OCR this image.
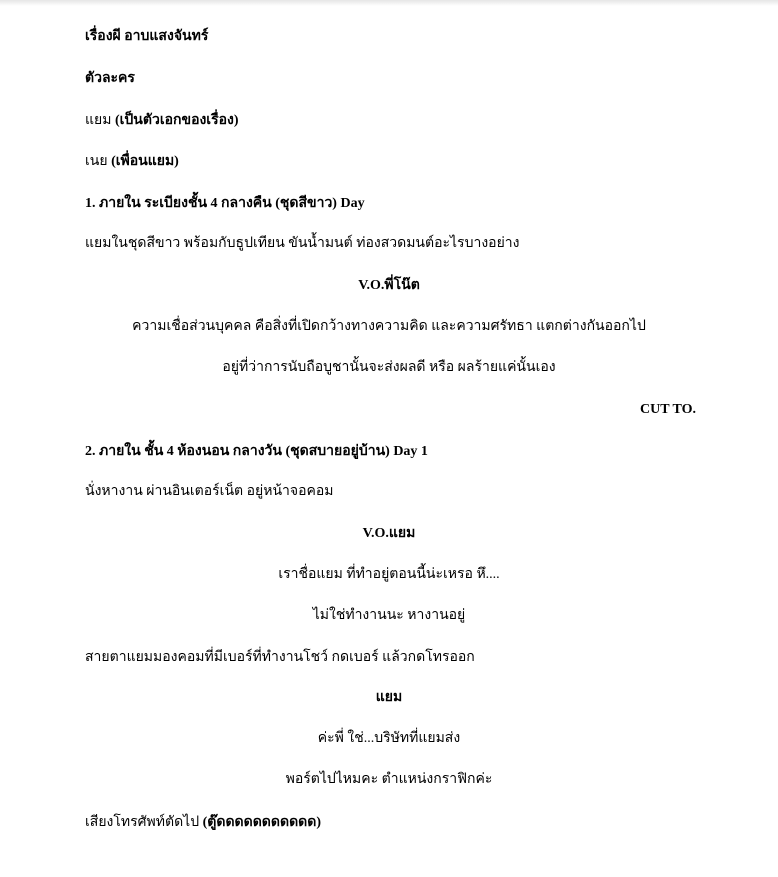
เรื่องผี อาบแสงจันทร์
ตัวละคร
แยม (เป็นตัวเอกของเรื่อง)
เนย (เพื่อนแยม)
1. ภายใน ระเบียงชั้น 4 กลางคืน (ชุดสีขาว) Day
แยมในชุดสีขาว พร้อมกับธูปเทียน ขันน้ำมนต์ ท่องสวดมนต์อะไรบางอย่าง
V.O.พี่โน๊ต
ความเชื่อส่วนบุคคล คือสิ่งที่เปิดกว้างทางความคิด และความศรัทธา แตกต่างกันออกไป
อยู่ที่ว่าการนับถือบูชานั้นจะส่งผลดี หรือ ผลร้ายแค่นั้นเอง
CUT TO.
2. ภายใน ชั้น 4 ห้องนอน กลางวัน (ชุดสบายอยู่บ้าน) Day 1
นั่งหางาน ผ่านอินเตอร์เน็ต อยู่หน้าจอคอม
V.O.แยม
เราชื่อแยม ที่ทำอยู่ตอนนี้น่ะเหรอ หึ....
ไม่ใช่ทำงานนะ หางานอยู่
สายตาแยมมองคอมที่มีเบอร์ที่ทำงานโชว์ กดเบอร์ แล้วกดโทรออก
แยม
ค่ะพี่ ใช่...บริษัทที่แยมส่ง
พอร์ตไปไหมคะ ตำแหน่งกราฟิกค่ะ
เสียงโทรศัพท์ตัดไป (ตู๊ดดดดดดดดดดด)
